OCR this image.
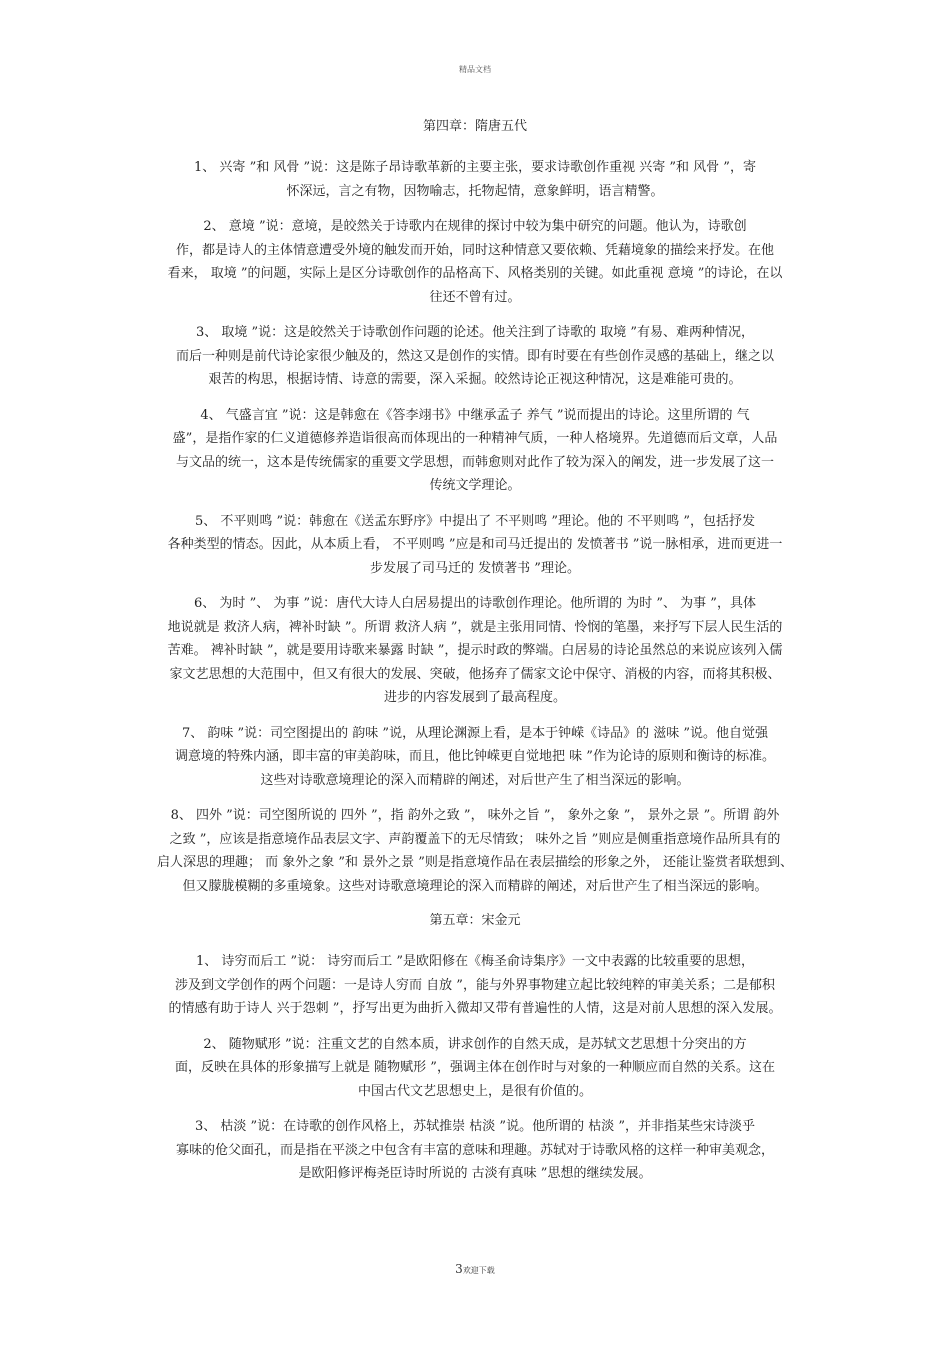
精品文档
第四章：隋唐五代
1、 兴寄 ”和 风骨 ”说：这是陈子昂诗歌革新的主要主张，要求诗歌创作重视 兴寄 ”和 风骨 ”，寄
怀深远，言之有物，因物喻志，托物起情，意象鲜明，语言精警。
2、 意境 ”说：意境，是皎然关于诗歌内在规律的探讨中较为集中研究的问题。他认为，诗歌创
作，都是诗人的主体情意遭受外境的触发而开始，同时这种情意又要依赖、凭藉境象的描绘来抒发。在他
看来， 取境 ”的问题，实际上是区分诗歌创作的品格高下、风格类别的关键。如此重视 意境 ”的诗论，在以
往还不曾有过。
3、 取境 ”说：这是皎然关于诗歌创作问题的论述。他关注到了诗歌的 取境 ”有易、难两种情况，
而后一种则是前代诗论家很少触及的，然这又是创作的实情。即有时要在有些创作灵感的基础上，继之以
艰苦的构思，根据诗情、诗意的需要，深入采掘。皎然诗论正视这种情况，这是难能可贵的。
4、 气盛言宜 ”说：这是韩愈在《答李翊书》中继承孟子 养气 ”说而提出的诗论。这里所谓的 气
盛”，是指作家的仁义道德修养造诣很高而体现出的一种精神气质，一种人格境界。先道德而后文章，人品
与文品的统一，这本是传统儒家的重要文学思想，而韩愈则对此作了较为深入的阐发，进一步发展了这一
传统文学理论。
5、 不平则鸣 ”说：韩愈在《送孟东野序》中提出了 不平则鸣 ”理论。他的 不平则鸣 ”，包括抒发
各种类型的情态。因此，从本质上看， 不平则鸣 ”应是和司马迁提出的 发愤著书 ”说一脉相承，进而更进一
步发展了司马迁的 发愤著书 ”理论。
6、 为时 ”、 为事 ”说：唐代大诗人白居易提出的诗歌创作理论。他所谓的 为时 ”、 为事 ”，具体
地说就是 救济人病，裨补时缺 ”。所谓 救济人病 ”，就是主张用同情、怜悯的笔墨，来抒写下层人民生活的
苦难。 裨补时缺 ”，就是要用诗歌来暴露 时缺 ”，提示时政的弊端。白居易的诗论虽然总的来说应该列入儒
家文艺思想的大范围中，但又有很大的发展、突破，他扬弃了儒家文论中保守、消极的内容，而将其积极、
进步的内容发展到了最高程度。
7、 韵味 ”说：司空图提出的 韵味 ”说，从理论渊源上看，是本于钟嵘《诗品》的 滋味 ”说。他自觉强
调意境的特殊内涵，即丰富的审美韵味，而且，他比钟嵘更自觉地把 味 ”作为论诗的原则和衡诗的标准。
这些对诗歌意境理论的深入而精辟的阐述，对后世产生了相当深远的影响。
8、 四外 ”说：司空图所说的 四外 ”，指 韵外之致 ”， 味外之旨 ”， 象外之象 ”， 景外之景 ”。所谓 韵外
之致 ”，应该是指意境作品表层文字、声韵覆盖下的无尽情致； 味外之旨 ”则应是侧重指意境作品所具有的
启人深思的理趣； 而 象外之象 ”和 景外之景 ”则是指意境作品在表层描绘的形象之外， 还能让鉴赏者联想到、
但又朦胧模糊的多重境象。这些对诗歌意境理论的深入而精辟的阐述，对后世产生了相当深远的影响。
第五章：宋金元
1、 诗穷而后工 ”说： 诗穷而后工 ”是欧阳修在《梅圣俞诗集序》一文中表露的比较重要的思想，
涉及到文学创作的两个问题：一是诗人穷而 自放 ”，能与外界事物建立起比较纯粹的审美关系；二是郁积
的情感有助于诗人 兴于怨刺 ”，抒写出更为曲折入微却又带有普遍性的人情，这是对前人思想的深入发展。
2、 随物赋形 ”说：注重文艺的自然本质，讲求创作的自然天成，是苏轼文艺思想十分突出的方
面，反映在具体的形象描写上就是 随物赋形 ”，强调主体在创作时与对象的一种顺应而自然的关系。这在
中国古代文艺思想史上，是很有价值的。
3、 枯淡 ”说：在诗歌的创作风格上，苏轼推崇 枯淡 ”说。他所谓的 枯淡 ”，并非指某些宋诗淡乎
寡味的伧父面孔，而是指在平淡之中包含有丰富的意味和理趣。苏轼对于诗歌风格的这样一种审美观念，
是欧阳修评梅尧臣诗时所说的 古淡有真味 ”思想的继续发展。
3欢迎下载
